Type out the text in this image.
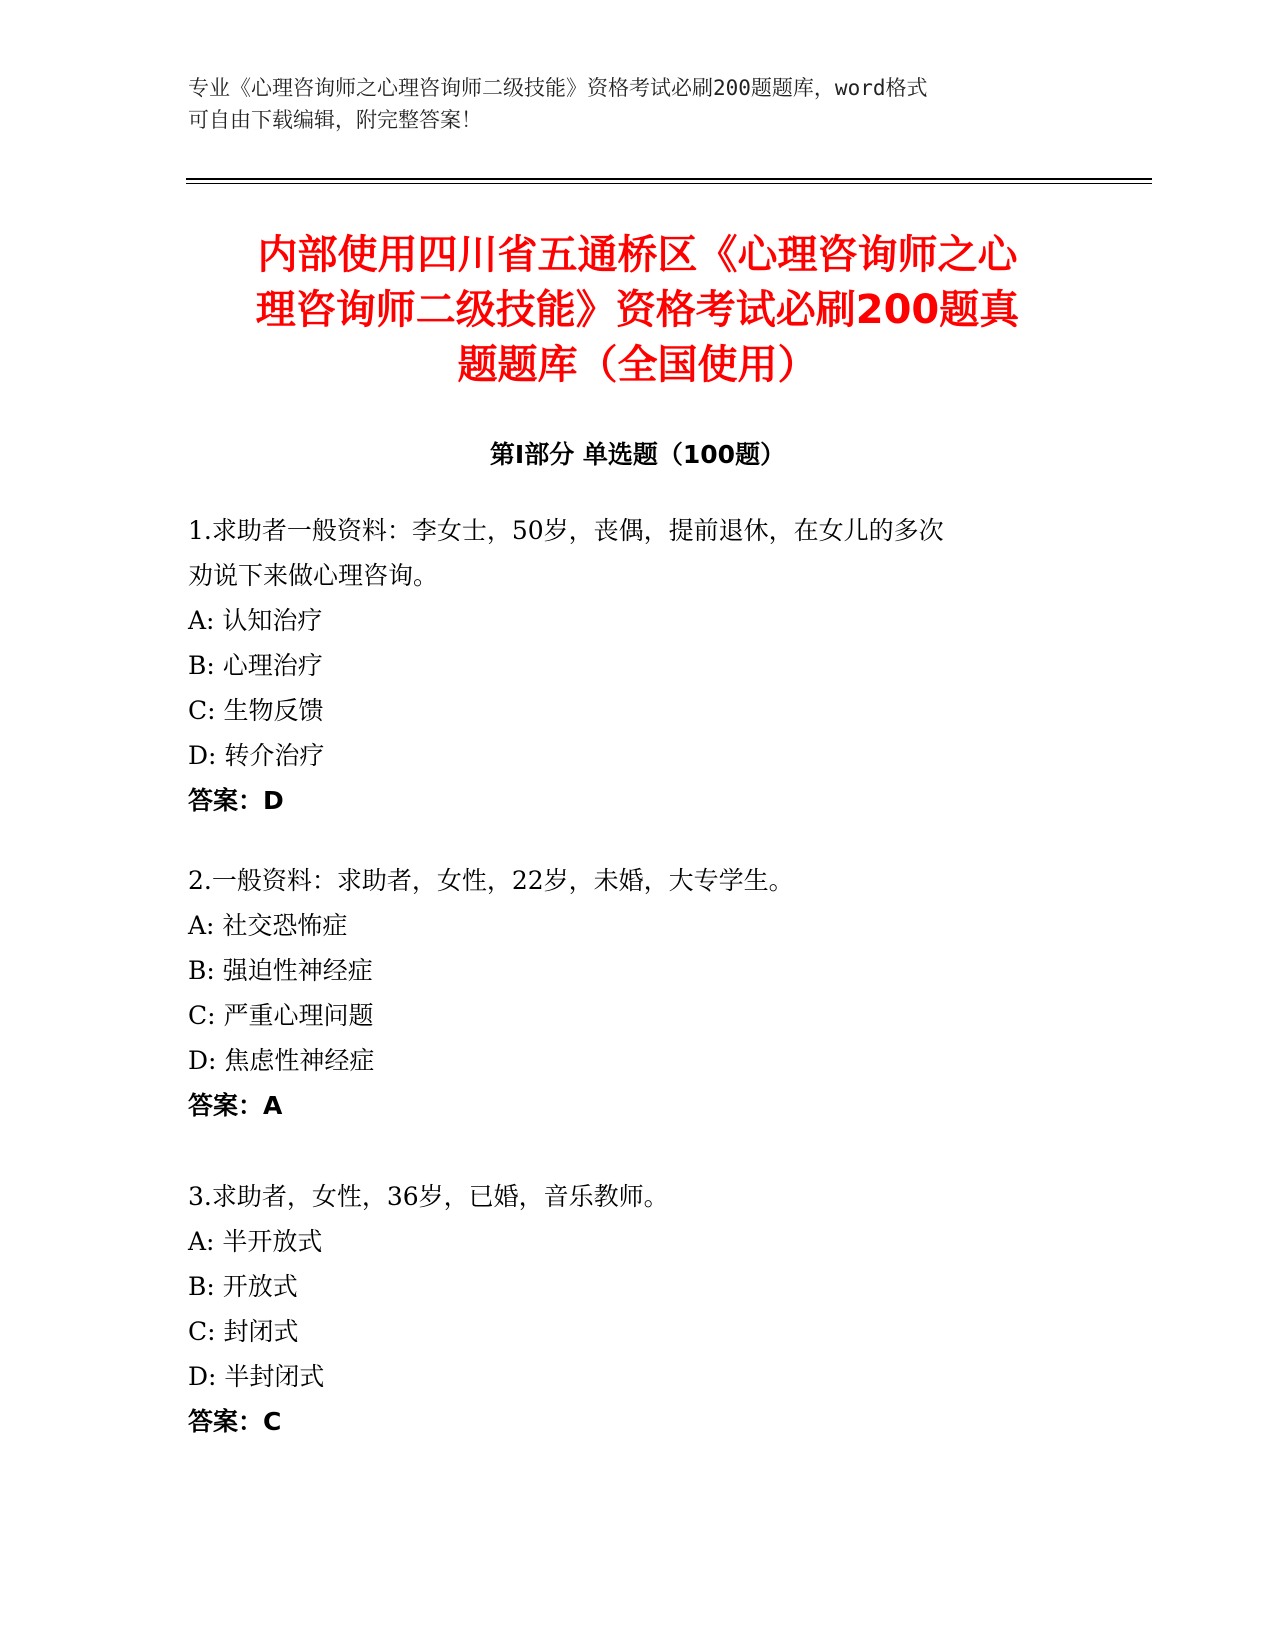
专业《心理咨询师之心理咨询师二级技能》资格考试必刷200题题库，word格式
可自由下载编辑，附完整答案！
内部使用四川省五通桥区《心理咨询师之心
理咨询师二级技能》资格考试必刷200题真
题题库（全国使用）
第Ⅰ部分 单选题（100题）
1.求助者一般资料：李女士，50岁，丧偶，提前退休，在女儿的多次
劝说下来做心理咨询。
A: 认知治疗
B: 心理治疗
C: 生物反馈
D: 转介治疗
答案：D
2.一般资料：求助者，女性，22岁，未婚，大专学生。
A: 社交恐怖症
B: 强迫性神经症
C: 严重心理问题
D: 焦虑性神经症
答案：A
3.求助者，女性，36岁，已婚，音乐教师。
A: 半开放式
B: 开放式
C: 封闭式
D: 半封闭式
答案：C
